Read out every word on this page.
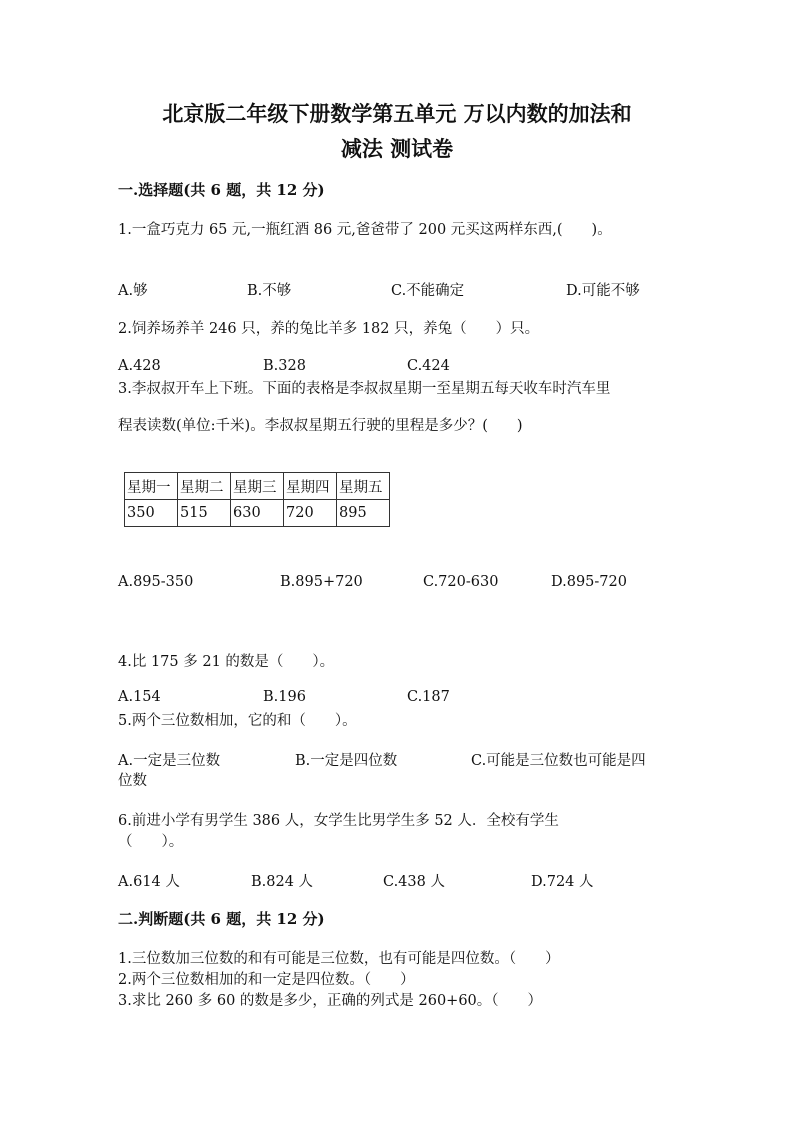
北京版二年级下册数学第五单元 万以内数的加法和
减法 测试卷
一.选择题(共 6 题，共 12 分)
1.一盒巧克力 65 元,一瓶红酒 86 元,爸爸带了 200 元买这两样东西,(　　)。
A.够	B.不够	C.不能确定	D.可能不够
2.饲养场养羊 246 只，养的兔比羊多 182 只，养兔（　　）只。
A.428	B.328	C.424
3.李叔叔开车上下班。下面的表格是李叔叔星期一至星期五每天收车时汽车里
程表读数(单位:千米)。李叔叔星期五行驶的里程是多少？(　　)
星期一	星期二	星期三	星期四	星期五
350	515	630	720	895
A.895-350	B.895+720	C.720-630	D.895-720
4.比 175 多 21 的数是（　　）。
A.154	B.196	C.187
5.两个三位数相加，它的和（　　）。
A.一定是三位数	B.一定是四位数	C.可能是三位数也可能是四
位数
6.前进小学有男学生 386 人，女学生比男学生多 52 人．全校有学生
（　　）。
A.614 人	B.824 人	C.438 人	D.724 人
二.判断题(共 6 题，共 12 分)
1.三位数加三位数的和有可能是三位数，也有可能是四位数。（　　）
2.两个三位数相加的和一定是四位数。（　　）
3.求比 260 多 60 的数是多少，正确的列式是 260+60。（　　）
